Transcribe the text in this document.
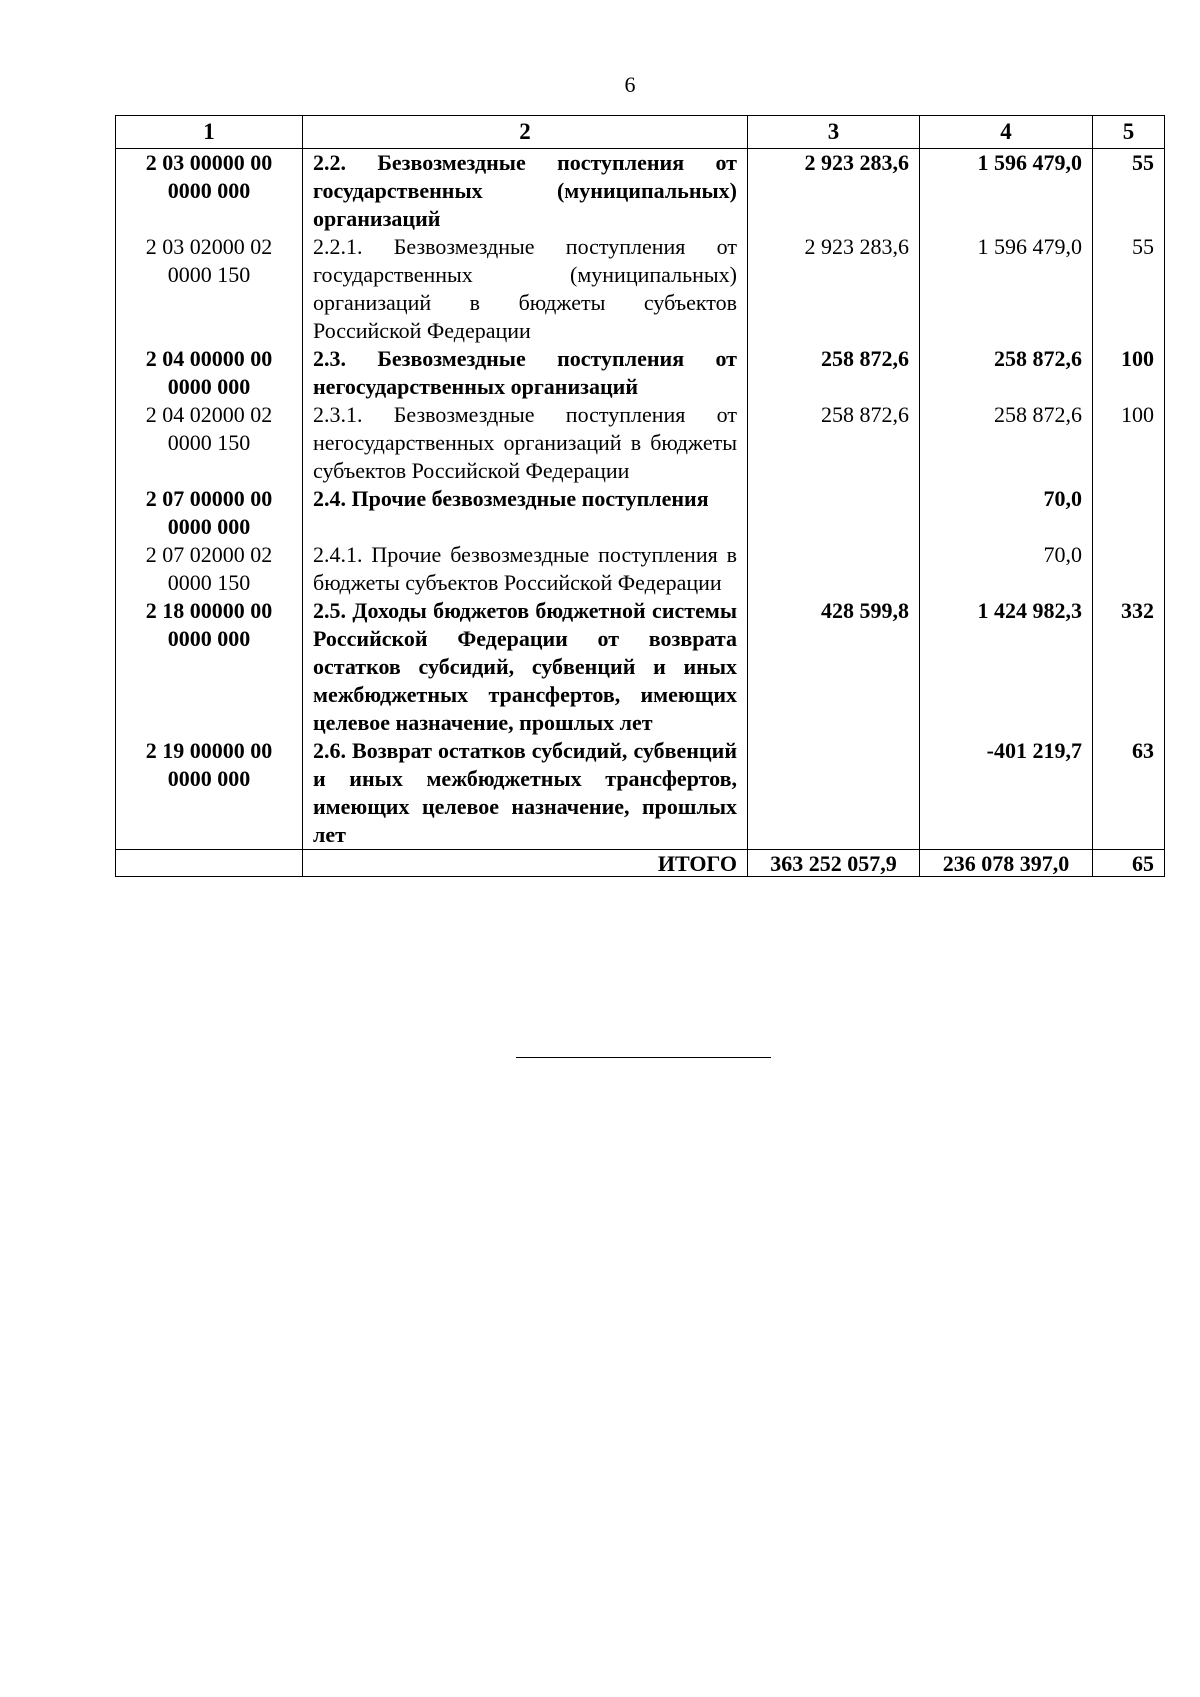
6
1	2	3	4	5
2 03 00000 00 0000 000	2.2. Безвозмездные поступления от государственных (муниципальных) организаций	2 923 283,6	1 596 479,0	55
2 03 02000 02 0000 150	2.2.1. Безвозмездные поступления от государственных (муниципальных) организаций в бюджеты субъектов Российской Федерации	2 923 283,6	1 596 479,0	55
2 04 00000 00 0000 000	2.3. Безвозмездные поступления от негосударственных организаций	258 872,6	258 872,6	100
2 04 02000 02 0000 150	2.3.1. Безвозмездные поступления от негосударственных организаций в бюджеты субъектов Российской Федерации	258 872,6	258 872,6	100
2 07 00000 00 0000 000	2.4. Прочие безвозмездные поступления		70,0	
2 07 02000 02 0000 150	2.4.1. Прочие безвозмездные поступления в бюджеты субъектов Российской Федерации		70,0	
2 18 00000 00 0000 000	2.5. Доходы бюджетов бюджетной системы Российской Федерации от возврата остатков субсидий, субвенций и иных межбюджетных трансфертов, имеющих целевое назначение, прошлых лет	428 599,8	1 424 982,3	332
2 19 00000 00 0000 000	2.6. Возврат остатков субсидий, субвенций и иных межбюджетных трансфертов, имеющих целевое назначение, прошлых лет		-401 219,7	63
	ИТОГО	363 252 057,9	236 078 397,0	65
